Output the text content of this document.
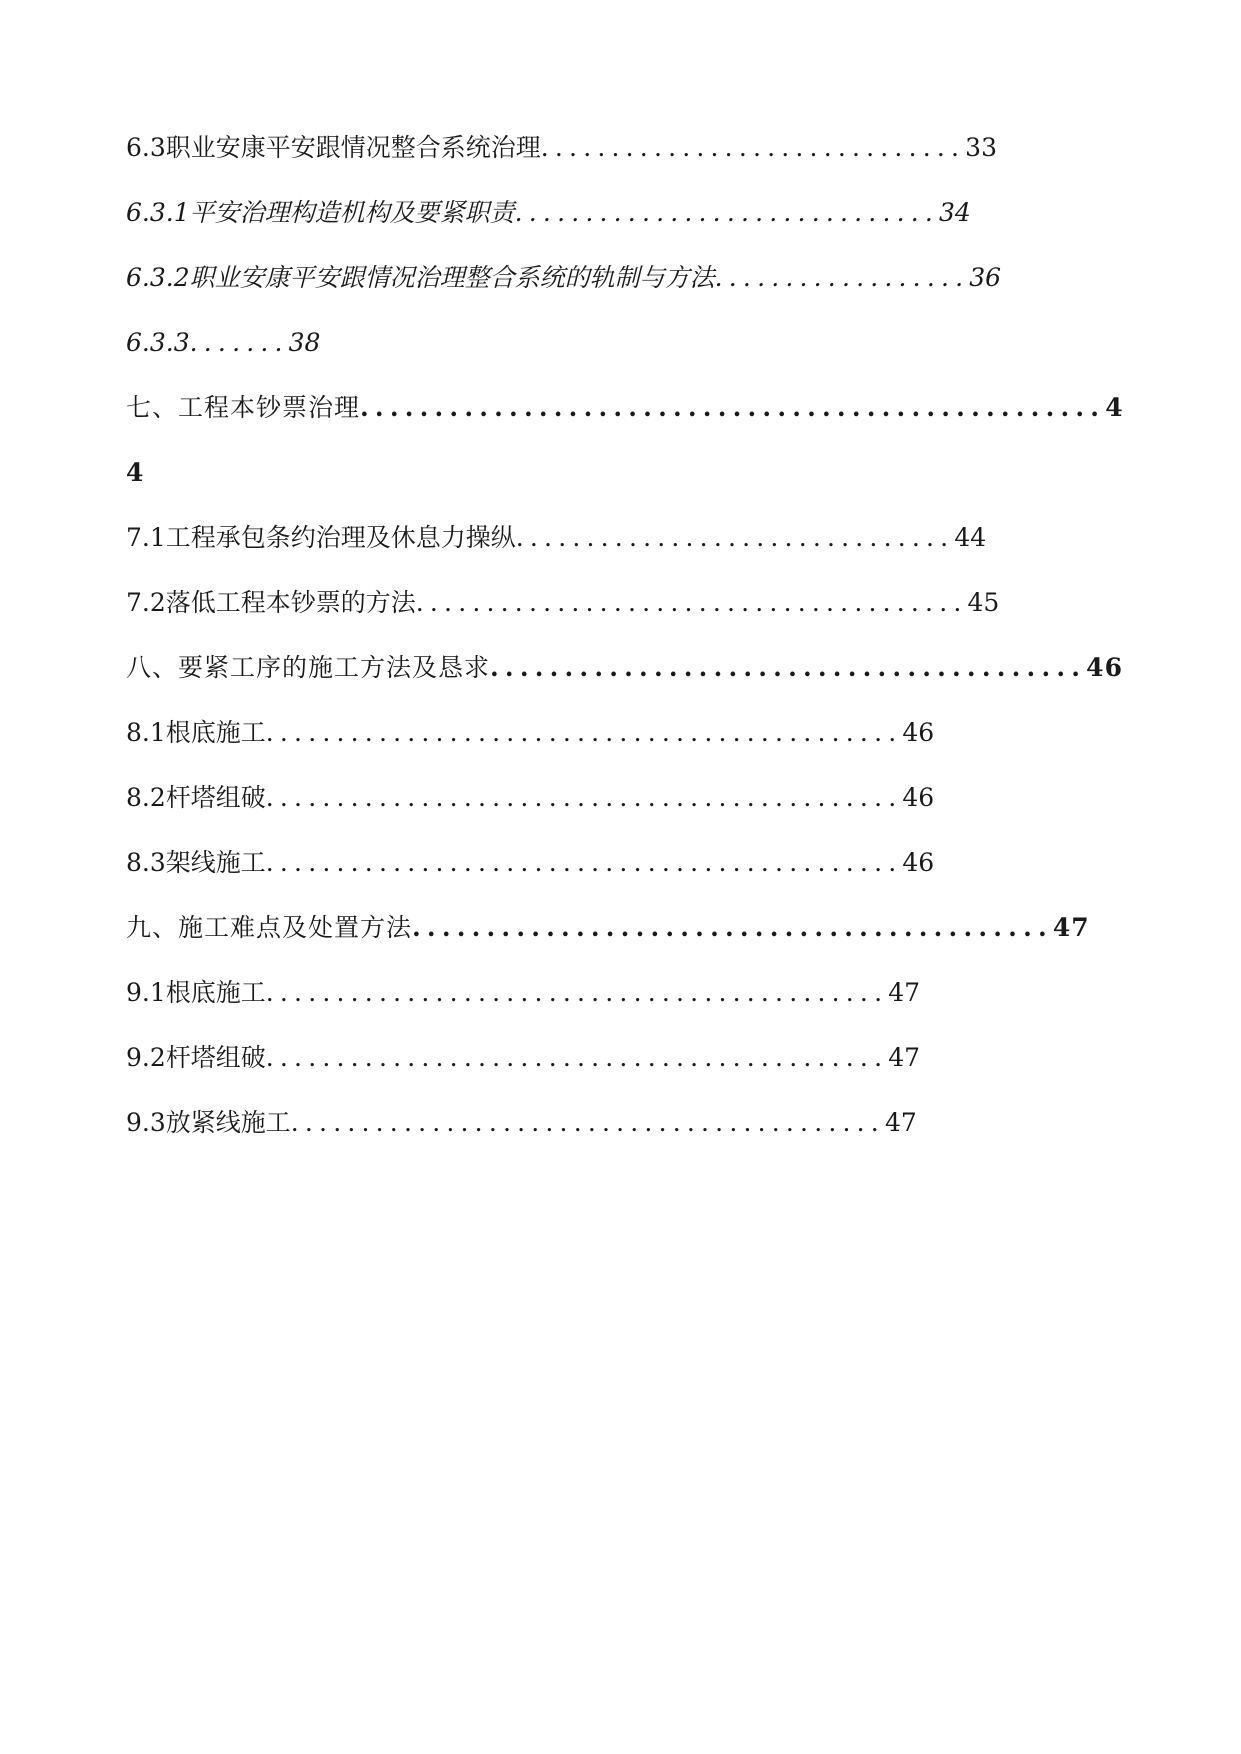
6.3职业安康平安跟情况整合系统治理..............................33
6.3.1平安治理构造机构及要紧职责..............................34
6.3.2职业安康平安跟情况治理整合系统的轨制与方法..................36
6.3.3.......38
七、工程本钞票治理..................................................4
4
7.1工程承包条约治理及休息力操纵...............................44
7.2落低工程本钞票的方法.......................................45
八、要紧工序的施工方法及恳求........................................46
8.1根底施工.............................................46
8.2杆塔组破.............................................46
8.3架线施工.............................................46
九、施工难点及处置方法...........................................47
9.1根底施工............................................47
9.2杆塔组破............................................47
9.3放紧线施工..........................................47
